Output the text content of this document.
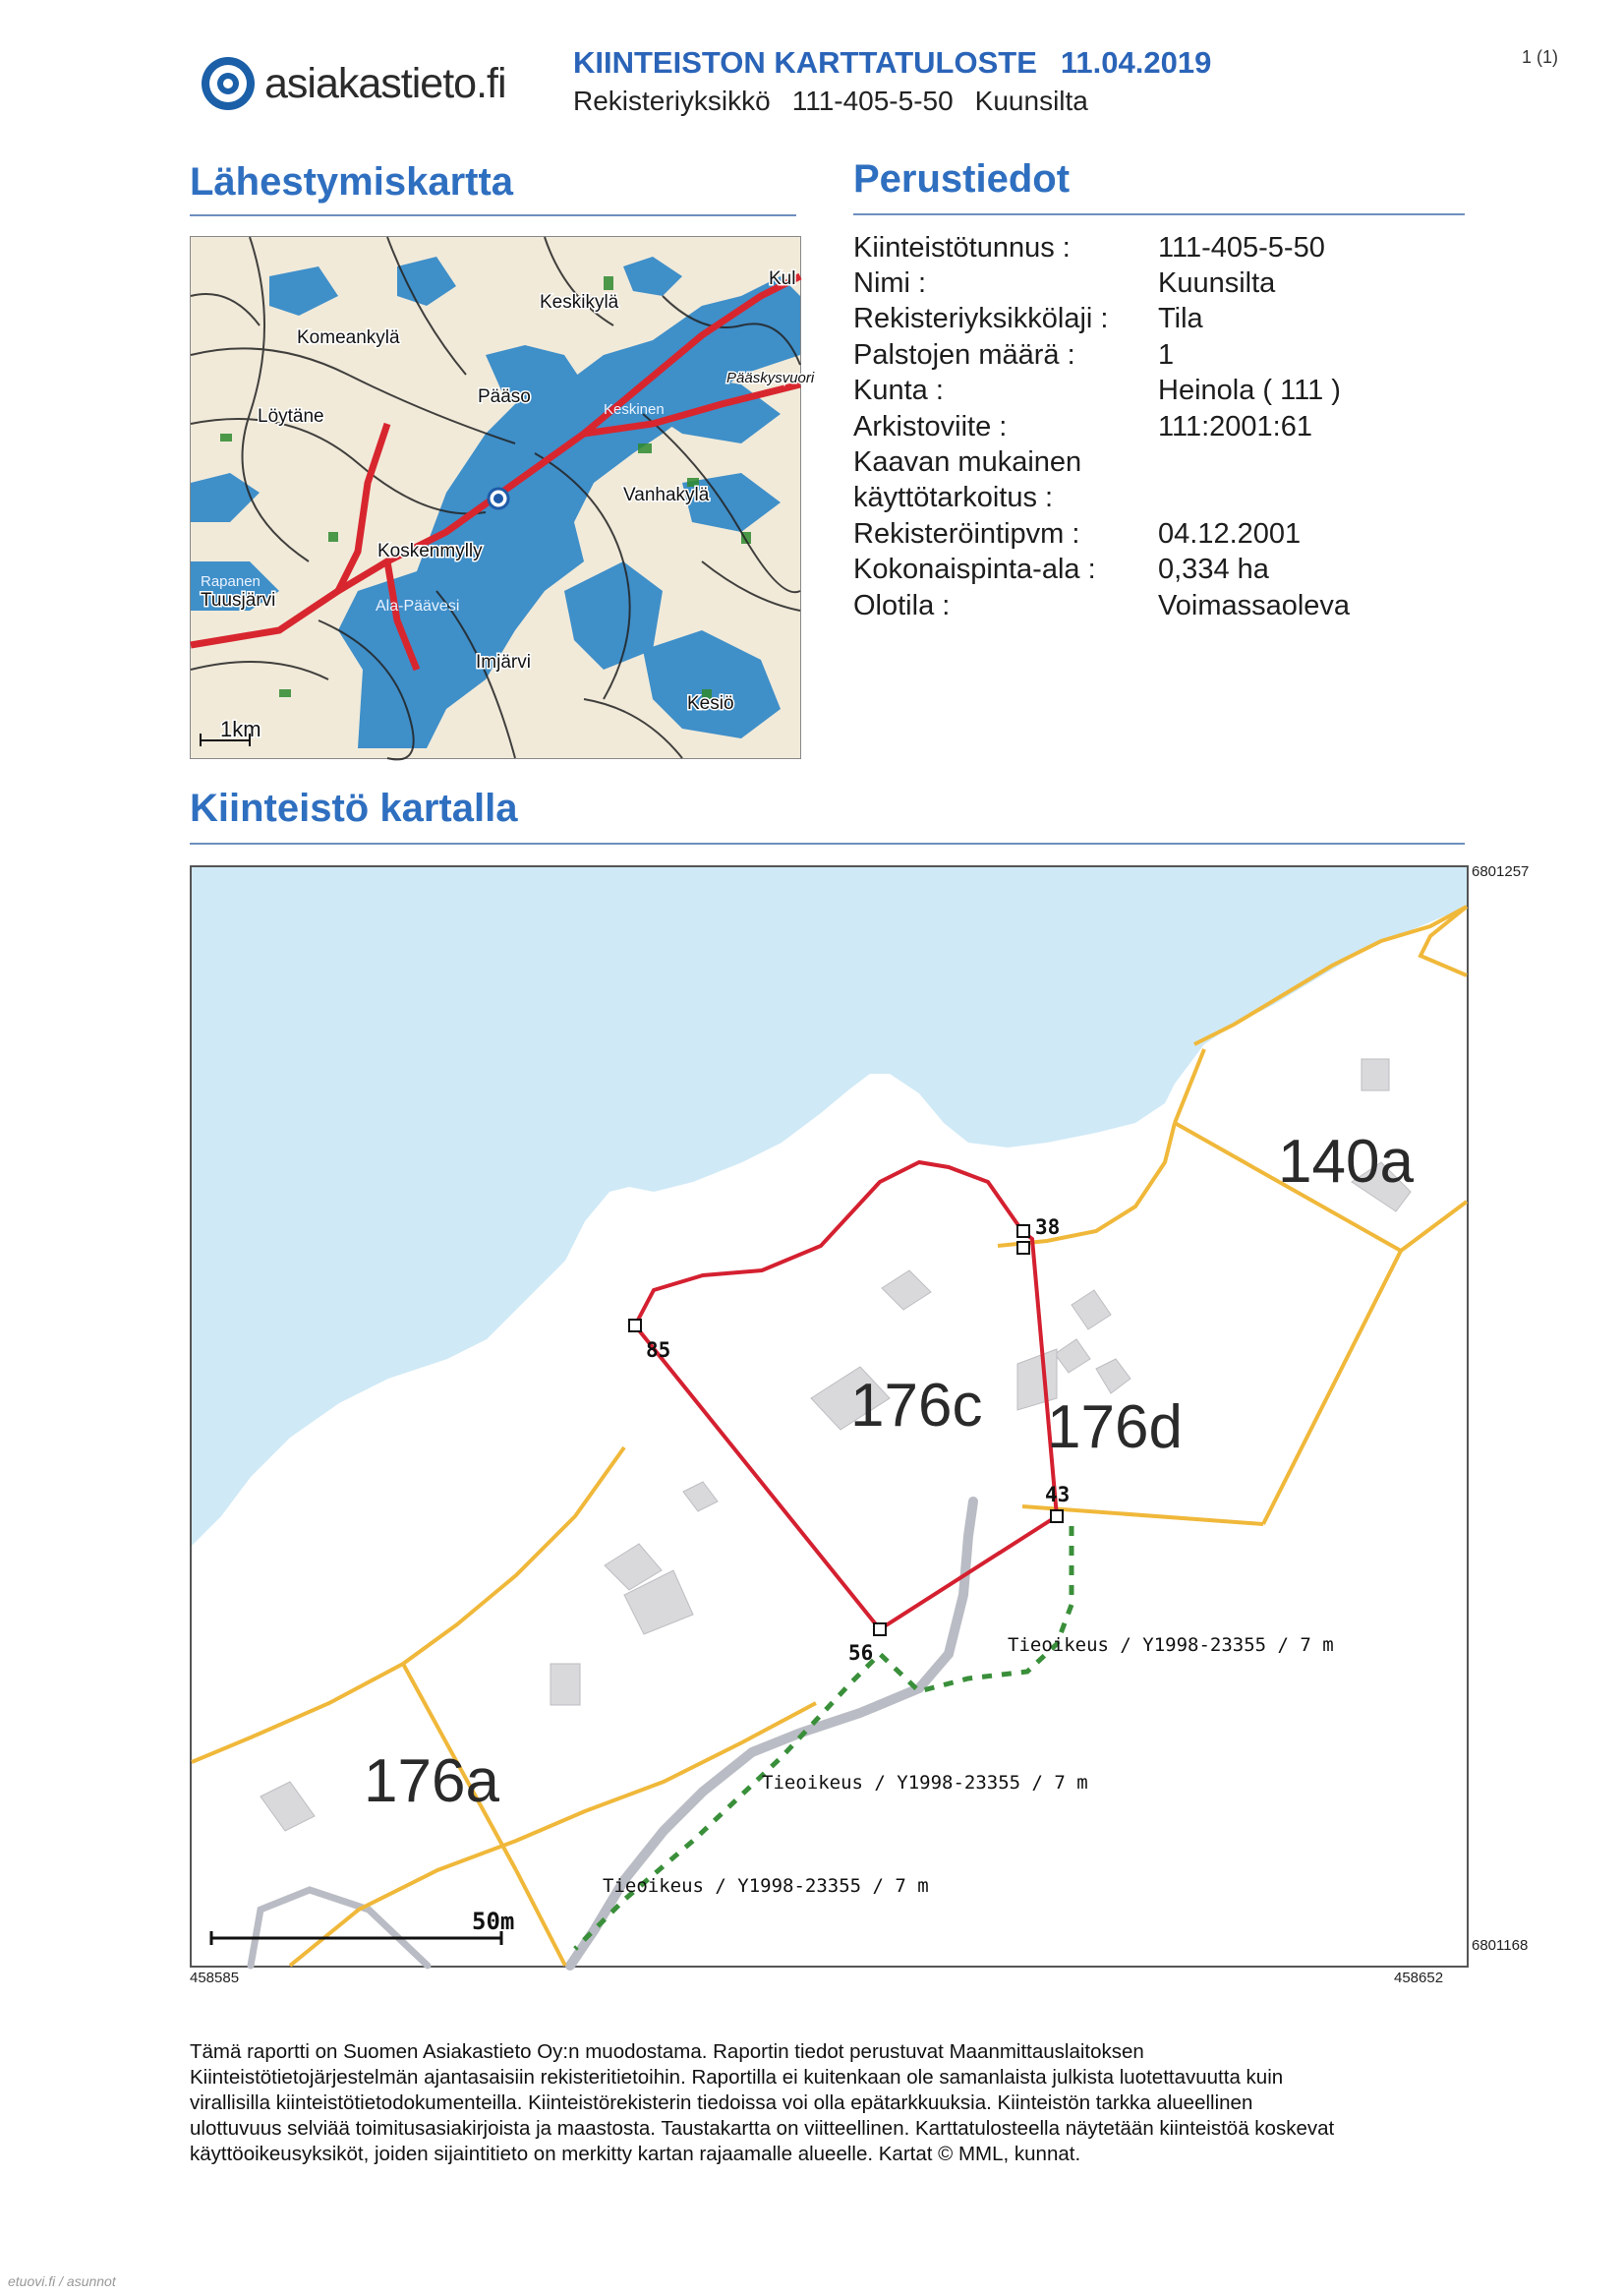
asiakastieto.fi KIINTEISTON KARTTATULOSTE 11.04.2019
Rekisteriyksikkö 111-405-5-50 Kuunsilta
1 (1)
Lähestymiskartta	Perustiedot
Kiinteistö kartalla
Keskikylä
Komeankylä
Pääso
Löytäne
Pääskysvuori
Vanhakylä
Koskenmylly
Tuusjärvi
Imjärvi
Kesiö
Kul
1km
Rapanen
Ala-Päävesi
Keskinen
Kiinteistötunnus :	111-405-5-50
Nimi :	Kuunsilta
Rekisteriyksikkölaji : Tila
Palstojen määrä :	1
Kunta :	Heinola ( 111 )
Arkistoviite :	111:2001:61
Kaavan mukainen
käyttötarkoitus :
Rekisteröintipvm :	04.12.2001
Kokonaispinta-ala : 0,334 ha
Olotila :	Voimassaoleva
38
85
43
56
140a
176c 176d
176a
Tieoikeus / Y1998-23355 / 7 m
Tieoikeus / Y1998-23355 / 7 m
Tieoikeus / Y1998-23355 / 7 m
50m
6801257
6801168
458585	458652
Tämä raportti on Suomen Asiakastieto Oy:n muodostama. Raportin tiedot perustuvat Maanmittauslaitoksen
Kiinteistötietojärjestelmän ajantasaisiin rekisteritietoihin. Raportilla ei kuitenkaan ole samanlaista julkista luotettavuutta kuin
virallisilla kiinteistötietodokumenteilla. Kiinteistörekisterin tiedoissa voi olla epätarkkuuksia. Kiinteistön tarkka alueellinen
ulottuvuus selviää toimitusasiakirjoista ja maastosta. Taustakartta on viitteellinen. Karttatulosteella näytetään kiinteistöä koskevat
käyttöoikeusyksiköt, joiden sijaintitieto on merkitty kartan rajaamalle alueelle. Kartat © MML, kunnat.
etuovi.fi / asunnot
